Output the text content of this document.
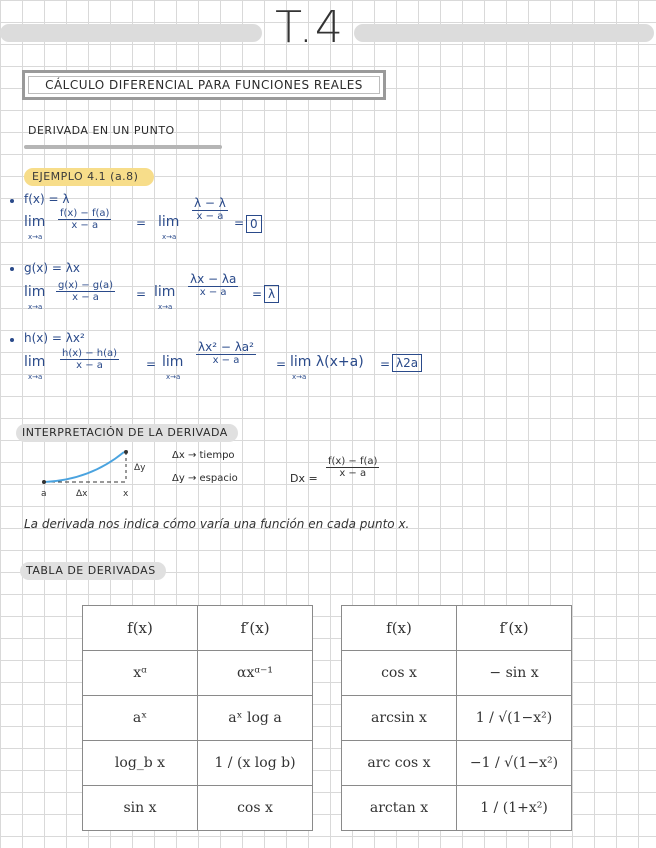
T.4
CÁLCULO DIFERENCIAL PARA FUNCIONES REALES
DERIVADA EN UN PUNTO
EJEMPLO 4.1 (a.8)
f(x) = λ
lim
x→a
$\frac{f(x) - f(a)}{x - a} = \lim$
x→a
λ − λ
x − a = 0
g(x) = λx
lim
x→a
$\frac{g(x) - g(a)}{x - a} = \lim$
x→a
λx − λa
x − a	= λ
h(x) = λx²
lim
x→a
$\frac{h(x) - h(a)}{x - a} = \lim$
x→a
λx² − λa²
x − a	= lim λ(x+a)
x→a
= λ2a
INTERPRETACIÓN DE LA DERIVADA
a	Δx	x
Δy
Δx → tiempo
Δy → espacio	$Dx = \frac{f(x) - f(a)}{x - a}$
La derivada nos indica cómo varía una función en cada punto x.
TABLA DE DERIVADAS
f(x)	f′(x)
xᵅ	αxᵅ⁻¹
aˣ	aˣ log a
log_b x	1 / (x log b)
sin x	cos x
f(x)	f′(x)
cos x	− sin x
arcsin x	1 / √(1−x²)
arc cos x	−1 / √(1−x²)
arctan x	1 / (1+x²)
